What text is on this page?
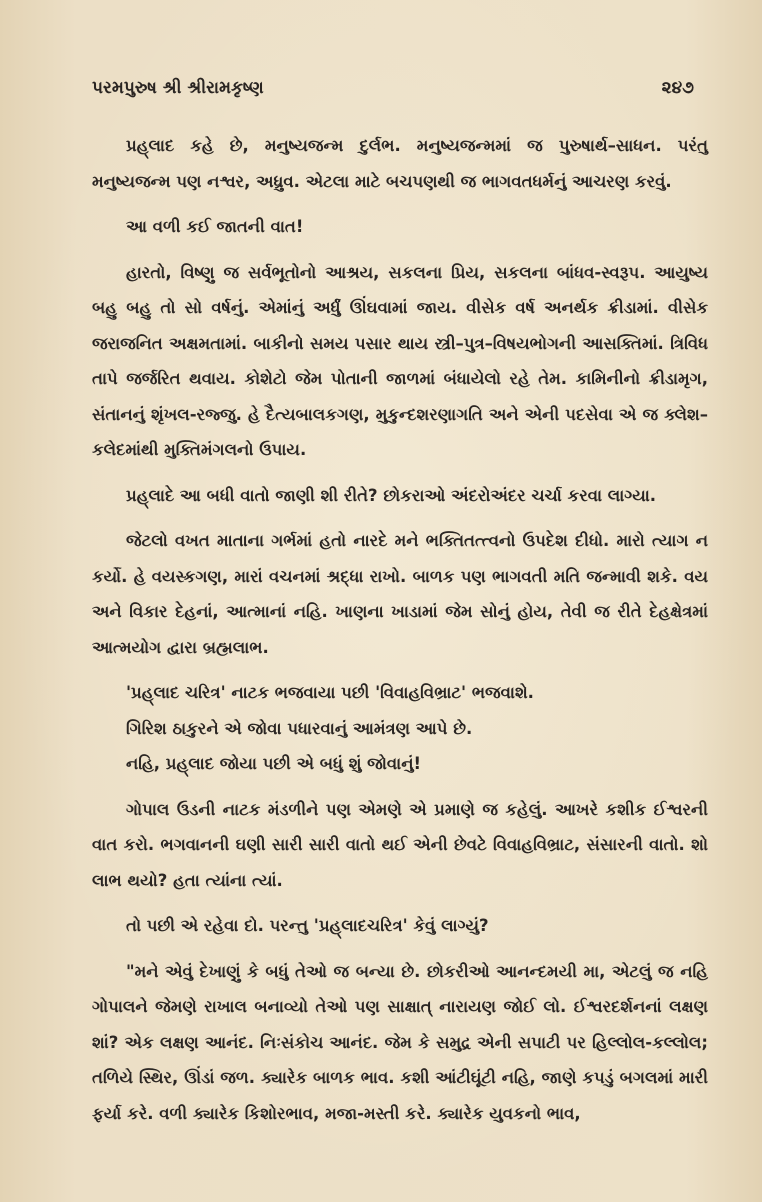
પરમપુરુષ શ્રી શ્રીરામકૃષ્ણ	૨૪૭

પ્રહ્‌લાદ કહે છે, મનુષ્યજન્મ દુર્લભ. મનુષ્યજન્મમાં જ પુરુષાર્થ–સાધન. પરંતુ મનુષ્યજન્મ પણ નશ્વર, અધ્રુવ. એટલા માટે બચપણથી જ ભાગવતધર્મનું આચરણ કરવું.

આ વળી કઈ જાતની વાત!

હારતો, વિષ્ણુ જ સર્વભૂતોનો આશ્રય, સકલના પ્રિય, સકલના બાંધવ-સ્વરૂપ. આયુષ્ય બહુ બહુ તો સો વર્ષનું. એમાંનું અર્ધું ઊંઘવામાં જાય. વીસેક વર્ષ અનર્થક ક્રીડામાં. વીસેક જરાજનિત અક્ષમતામાં. બાકીનો સમય પસાર થાય સ્ત્રી–પુત્ર–વિષયભોગની આસક્તિમાં. ત્રિવિધ તાપે જર્જરિત થવાય. કોશેટો જેમ પોતાની જાળમાં બંધાયેલો રહે તેમ. કામિનીનો ક્રીડામૃગ, સંતાનનું શૃંખલ-રજ્જુ. હે દૈત્યબાલકગણ, મુકુન્દશરણાગતિ અને એની પદસેવા એ જ ક્લેશ–કલેદમાંથી મુક્તિમંગલનો ઉપાય.

પ્રહ્‌લાદે આ બધી વાતો જાણી શી રીતે? છોકરાઓ અંદરોઅંદર ચર્ચા કરવા લાગ્યા.

જેટલો વખત માતાના ગર્ભમાં હતો નારદે મને ભક્તિતત્ત્વનો ઉપદેશ દીધો. મારો ત્યાગ ન કર્યો. હે વયસ્કગણ, મારાં વચનમાં શ્રદ્ધા રાખો. બાળક પણ ભાગવતી મતિ જન્માવી શકે. વય અને વિકાર દેહનાં, આત્માનાં નહિ. ખાણના ખાડામાં જેમ સોનું હોય, તેવી જ રીતે દેહક્ષેત્રમાં આત્મયોગ દ્વારા બ્રહ્મલાભ.

'પ્રહ્‌લાદ ચરિત્ર' નાટક ભજવાયા પછી 'વિવાહવિભ્રાટ' ભજવાશે.

ગિરિશ ઠાકુરને એ જોવા પધારવાનું આમંત્રણ આપે છે.

નહિ, પ્રહ્‌લાદ જોયા પછી એ બધું શું જોવાનું!

ગોપાલ ઉડની નાટક મંડળીને પણ એમણે એ પ્રમાણે જ કહેલું. આખરે કશીક ઈશ્વરની વાત કરો. ભગવાનની ઘણી સારી સારી વાતો થઈ એની છેવટે વિવાહવિભ્રાટ, સંસારની વાતો. શો લાભ થયો? હતા ત્યાંના ત્યાં.

તો પછી એ રહેવા દો. પરન્તુ 'પ્રહ્‌લાદચરિત્ર' કેવું લાગ્યું?

"મને એવું દેખાણું કે બધું તેઓ જ બન્યા છે. છોકરીઓ આનન્દમયી મા, એટલું જ નહિ ગોપાલને જેમણે રાખાલ બનાવ્યો તેઓ પણ સાક્ષાત્ નારાયણ જોઈ લો. ઈશ્વરદર્શનનાં લક્ષણ શાં? એક લક્ષણ આનંદ. નિઃસંકોચ આનંદ. જેમ કે સમુદ્ર એની સપાટી પર હિલ્લોલ-કલ્લોલ; તળિયે સ્થિર, ઊંડાં જળ. ક્યારેક બાળક ભાવ. કશી આંટીઘૂંટી નહિ, જાણે કપડું બગલમાં મારી ફર્યા કરે. વળી ક્યારેક કિશોરભાવ, મજા-મસ્તી કરે. ક્યારેક યુવકનો ભાવ,
